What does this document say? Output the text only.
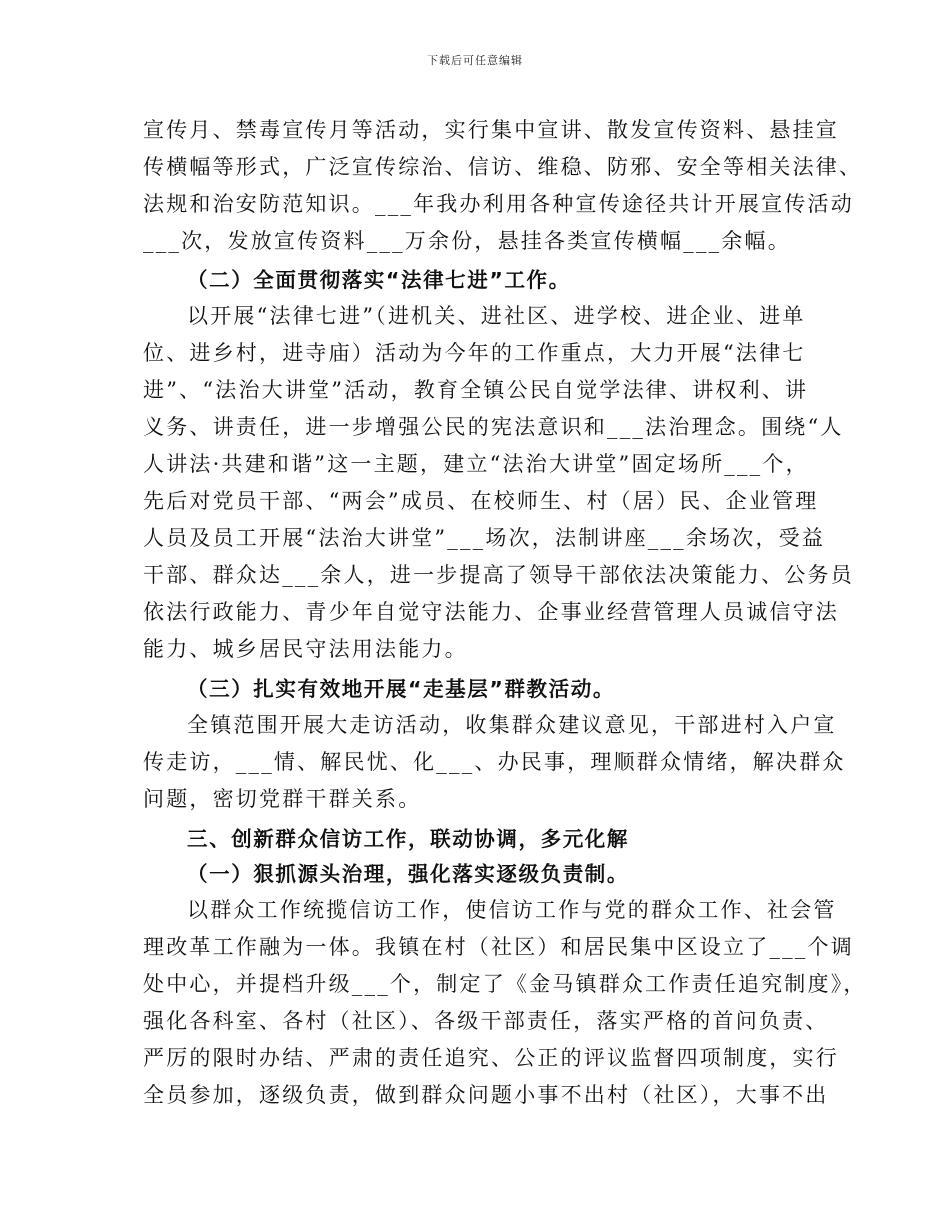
下载后可任意编辑
宣传月、禁毒宣传月等活动，实行集中宣讲、散发宣传资料、悬挂宣
传横幅等形式，广泛宣传综治、信访、维稳、防邪、安全等相关法律、
法规和治安防范知识。___年我办利用各种宣传途径共计开展宣传活动
___次，发放宣传资料___万余份，悬挂各类宣传横幅___余幅。
（二）全面贯彻落实“法律七进”工作。
以开展“法律七进”（进机关、进社区、进学校、进企业、进单
位、进乡村，进寺庙）活动为今年的工作重点，大力开展“法律七
进”、“法治大讲堂”活动，教育全镇公民自觉学法律、讲权利、讲
义务、讲责任，进一步增强公民的宪法意识和___法治理念。围绕“人
人讲法·共建和谐”这一主题，建立“法治大讲堂”固定场所___个，
先后对党员干部、“两会”成员、在校师生、村（居）民、企业管理
人员及员工开展“法治大讲堂”___场次，法制讲座___余场次，受益
干部、群众达___余人，进一步提高了领导干部依法决策能力、公务员
依法行政能力、青少年自觉守法能力、企事业经营管理人员诚信守法
能力、城乡居民守法用法能力。
（三）扎实有效地开展“走基层”群教活动。
全镇范围开展大走访活动，收集群众建议意见，干部进村入户宣
传走访，___情、解民忧、化___、办民事，理顺群众情绪，解决群众
问题，密切党群干群关系。
三、创新群众信访工作，联动协调，多元化解
（一）狠抓源头治理，强化落实逐级负责制。
以群众工作统揽信访工作，使信访工作与党的群众工作、社会管
理改革工作融为一体。我镇在村（社区）和居民集中区设立了___个调
处中心，并提档升级___个，制定了《金马镇群众工作责任追究制度》，
强化各科室、各村（社区）、各级干部责任，落实严格的首问负责、
严厉的限时办结、严肃的责任追究、公正的评议监督四项制度，实行
全员参加，逐级负责，做到群众问题小事不出村（社区），大事不出
